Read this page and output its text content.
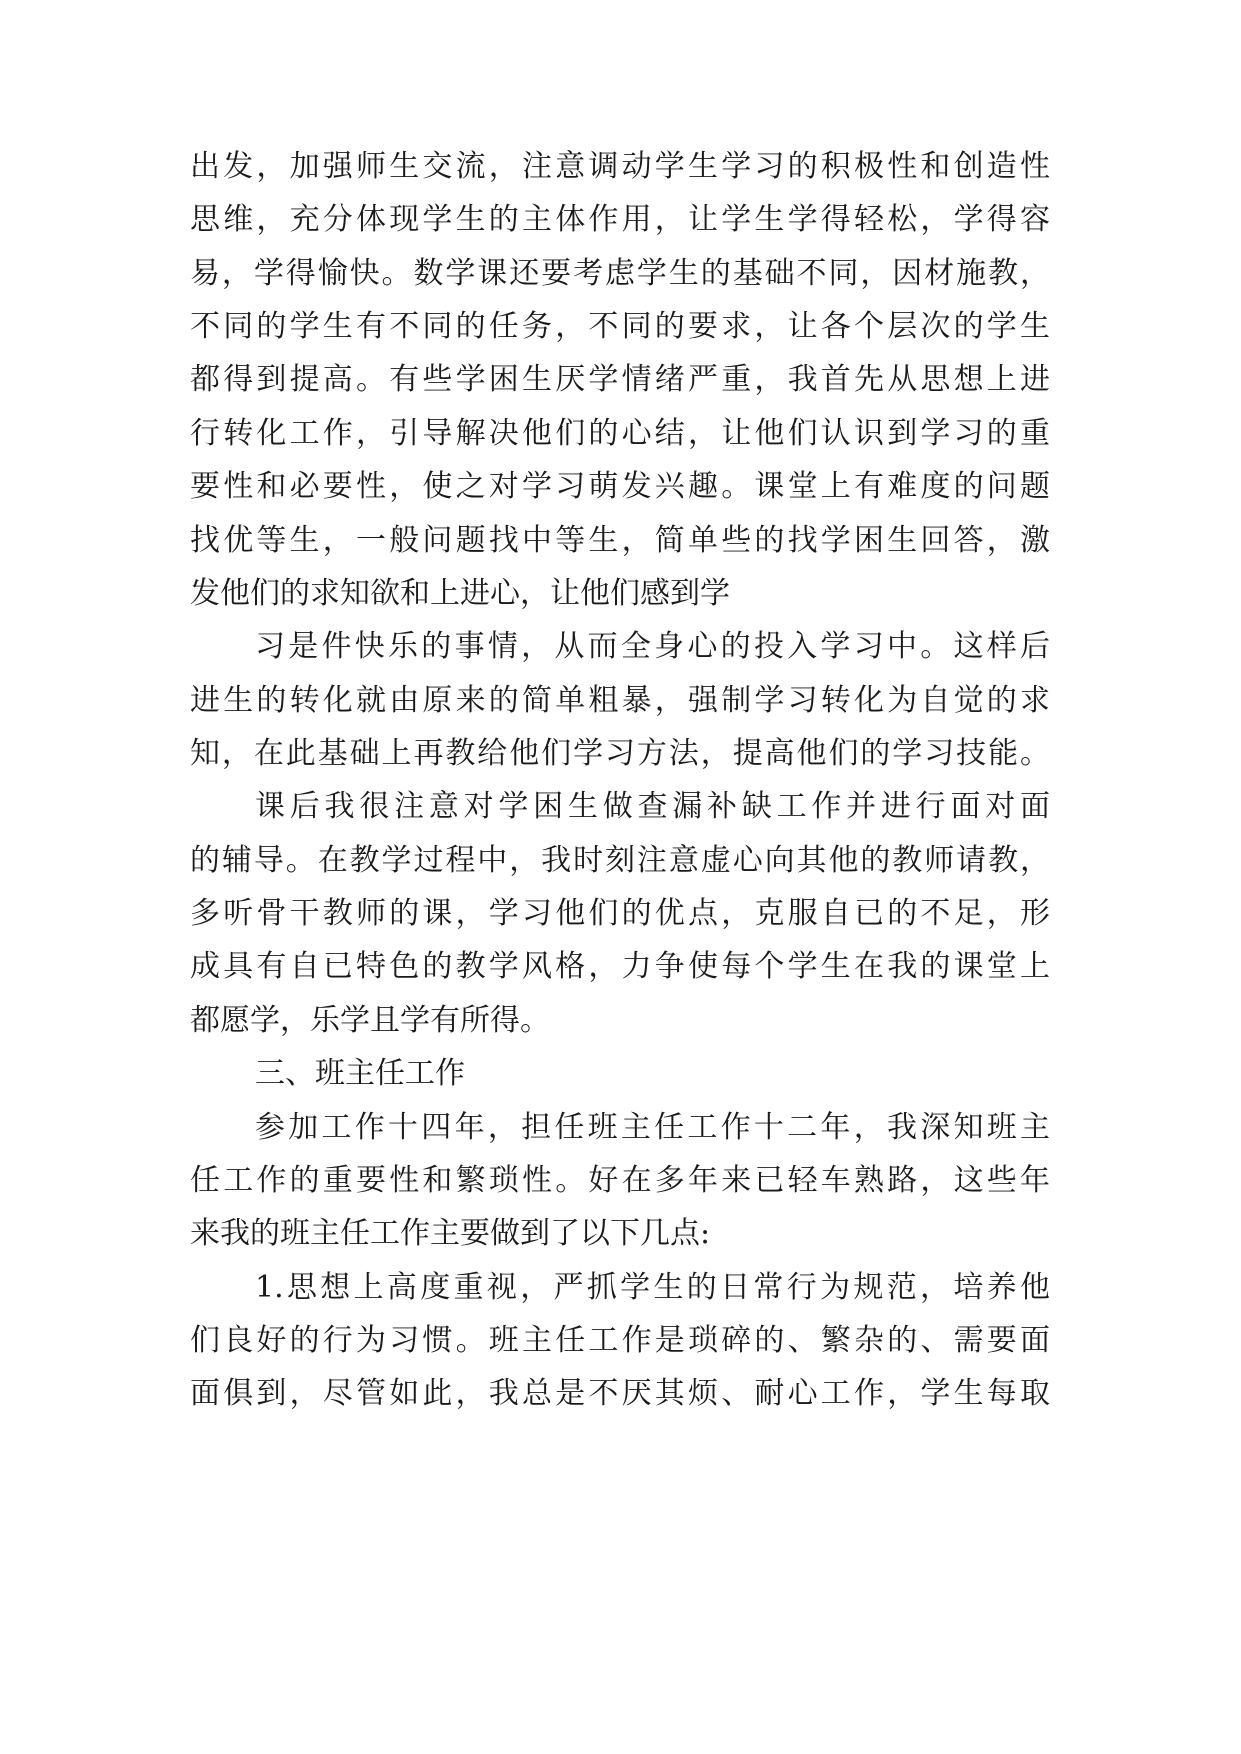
出发，加强师生交流，注意调动学生学习的积极性和创造性
思维，充分体现学生的主体作用，让学生学得轻松，学得容
易，学得愉快。数学课还要考虑学生的基础不同，因材施教，
不同的学生有不同的任务，不同的要求，让各个层次的学生
都得到提高。有些学困生厌学情绪严重，我首先从思想上进
行转化工作，引导解决他们的心结，让他们认识到学习的重
要性和必要性，使之对学习萌发兴趣。课堂上有难度的问题
找优等生，一般问题找中等生，简单些的找学困生回答，激
发他们的求知欲和上进心，让他们感到学
习是件快乐的事情，从而全身心的投入学习中。这样后
进生的转化就由原来的简单粗暴，强制学习转化为自觉的求
知，在此基础上再教给他们学习方法，提高他们的学习技能。
课后我很注意对学困生做查漏补缺工作并进行面对面
的辅导。在教学过程中，我时刻注意虚心向其他的教师请教，
多听骨干教师的课，学习他们的优点，克服自已的不足，形
成具有自已特色的教学风格，力争使每个学生在我的课堂上
都愿学，乐学且学有所得。
三、班主任工作
参加工作十四年，担任班主任工作十二年，我深知班主
任工作的重要性和繁琐性。好在多年来已轻车熟路，这些年
来我的班主任工作主要做到了以下几点:
1.思想上高度重视，严抓学生的日常行为规范，培养他
们良好的行为习惯。班主任工作是琐碎的、繁杂的、需要面
面俱到，尽管如此，我总是不厌其烦、耐心工作，学生每取
